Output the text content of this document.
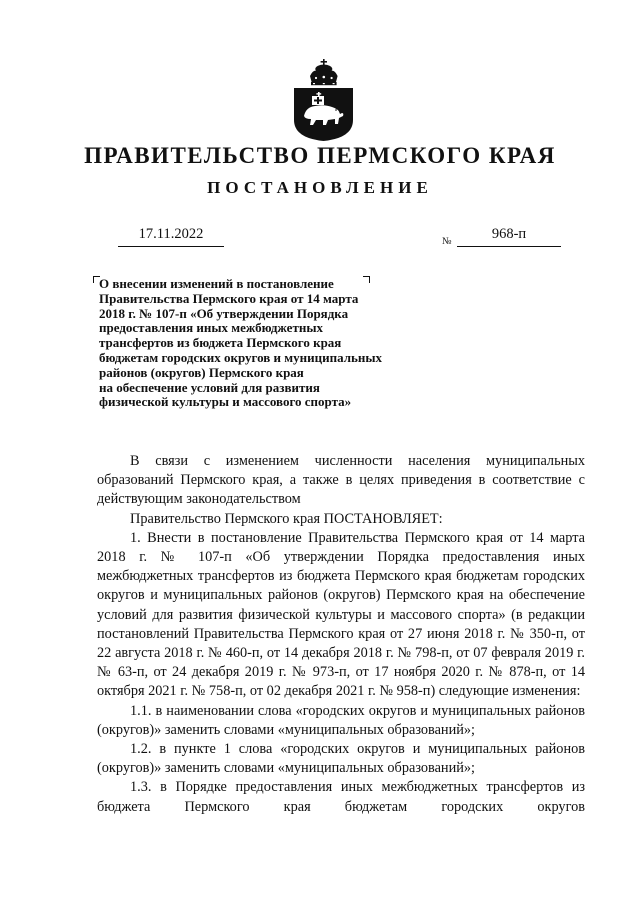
ПРАВИТЕЛЬСТВО ПЕРМСКОГО КРАЯ
ПОСТАНОВЛЕНИЕ
17.11.2022	№	968-п
О внесении изменений в постановление
Правительства Пермского края от 14 марта
2018 г. № 107-п «Об утверждении Порядка
предоставления иных межбюджетных
трансфертов из бюджета Пермского края
бюджетам городских округов и муниципальных
районов (округов) Пермского края
на обеспечение условий для развития
физической культуры и массового спорта»

В связи с изменением численности населения муниципальных образований Пермского края, а также в целях приведения в соответствие с действующим законодательством

Правительство Пермского края ПОСТАНОВЛЯЕТ:

1. Внести в постановление Правительства Пермского края от 14 марта 2018 г. № 107-п «Об утверждении Порядка предоставления иных межбюджетных трансфертов из бюджета Пермского края бюджетам городских округов и муниципальных районов (округов) Пермского края на обеспечение условий для развития физической культуры и массового спорта» (в редакции постановлений Правительства Пермского края от 27 июня 2018 г. № 350-п, от 22 августа 2018 г. № 460-п, от 14 декабря 2018 г. № 798-п, от 07 февраля 2019 г. № 63-п, от 24 декабря 2019 г. № 973-п, от 17 ноября 2020 г. № 878-п, от 14 октября 2021 г. № 758-п, от 02 декабря 2021 г. № 958-п) следующие изменения:

1.1. в наименовании слова «городских округов и муниципальных районов (округов)» заменить словами «муниципальных образований»;

1.2. в пункте 1 слова «городских округов и муниципальных районов (округов)» заменить словами «муниципальных образований»;

1.3. в Порядке предоставления иных межбюджетных трансфертов из бюджета Пермского края бюджетам городских округов
